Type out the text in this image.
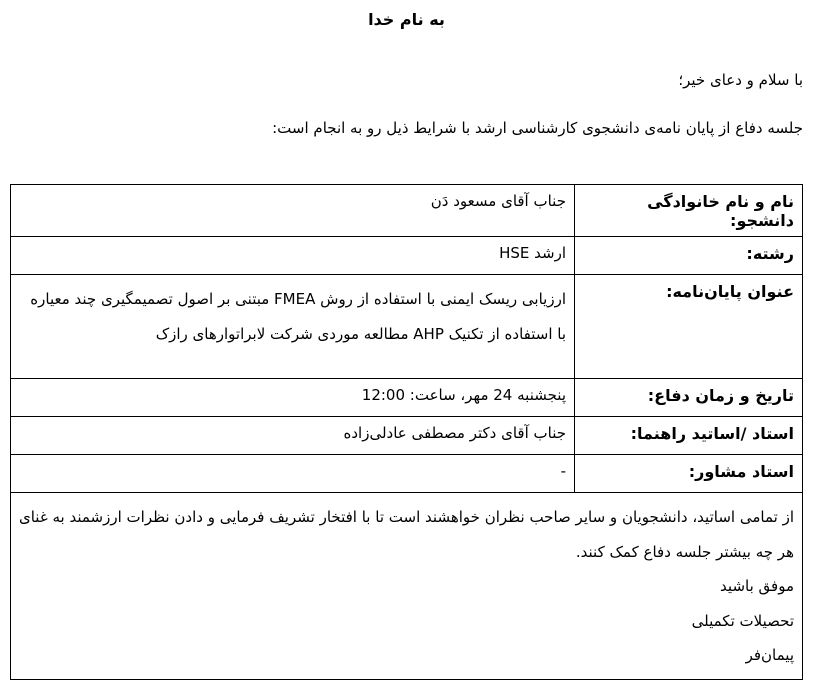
به نام خدا
با سلام و دعای خیر؛
جلسه دفاع از پایان نامه‌ی دانشجوی کارشناسی ارشد با شرایط ذیل رو به انجام است:
نام و نام خانوادگی دانشجو:	جناب آقای مسعود دَن
رشته:	ارشد HSE
عنوان پایان‌نامه:	ارزیابی ریسک ایمنی با استفاده از روش FMEA مبتنی بر اصول تصمیمگیری چند معیاره با استفاده از تکنیک AHP مطالعه موردی شرکت لابراتوارهای رازک
تاریخ و زمان دفاع:	پنجشنبه 24 مهر، ساعت: 12:00
استاد /اساتید راهنما:	جناب آقای دکتر مصطفی عادلی‌زاده
استاد مشاور:	-

از تمامی اساتید، دانشجویان و سایر صاحب نظران خواهشند است تا با افتخار تشریف فرمایی و دادن نظرات ارزشمند به غنای هر چه بیشتر جلسه دفاع کمک کنند.
موفق باشید
تحصیلات تکمیلی
پیمان‌فر	
